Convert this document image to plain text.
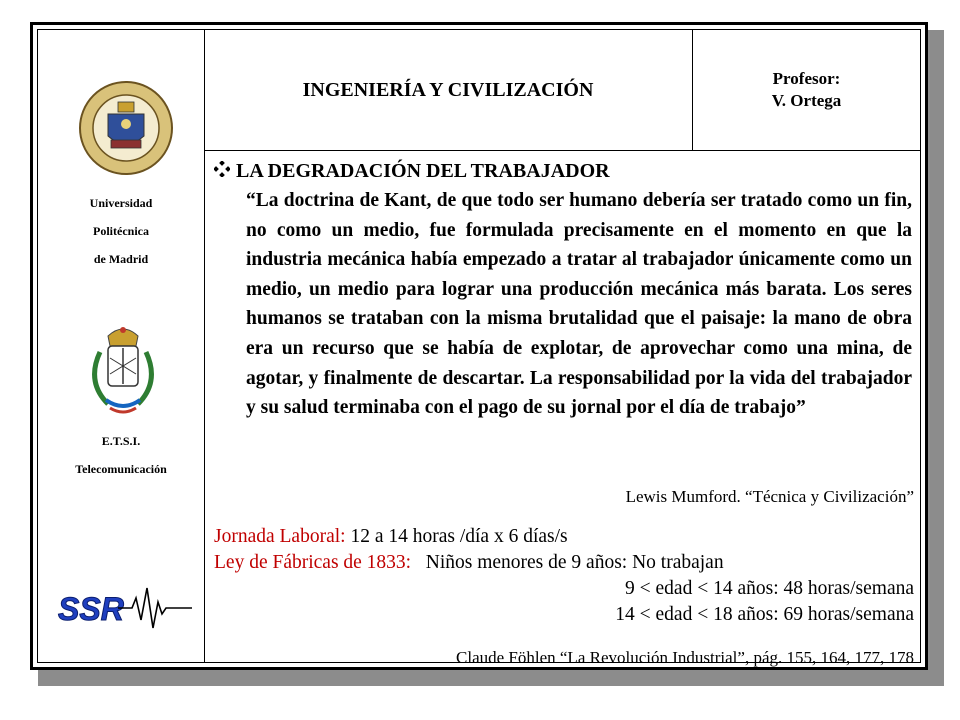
Universidad
Politécnica
de Madrid
E.T.S.I.
Telecomunicación
SSR
INGENIERÍA Y CIVILIZACIÓN	Profesor:
V. Ortega
LA DEGRADACIÓN DEL TRABAJADOR
“La doctrina de Kant, de que todo ser humano debería ser tratado como un fin, no como un medio, fue formulada precisamente en el momento en que la industria mecánica había empezado a tratar al trabajador únicamente como un medio, un medio para lograr una producción mecánica más barata. Los seres humanos se trataban con la misma brutalidad que el paisaje: la mano de obra era un recurso que se había de explotar, de aprovechar como una mina, de agotar, y finalmente de descartar. La responsabilidad por la vida del trabajador y su salud terminaba con el pago de su jornal por el día de trabajo”
Lewis Mumford. “Técnica y Civilización”
Jornada Laboral: 12 a 14 horas /día x 6 días/s
Ley de Fábricas de 1833: Niños menores de 9 años: No trabajan
9 < edad < 14 años: 48 horas/semana
14 < edad < 18 años: 69 horas/semana
Claude Föhlen “La Revolución Industrial”, pág. 155, 164, 177, 178
